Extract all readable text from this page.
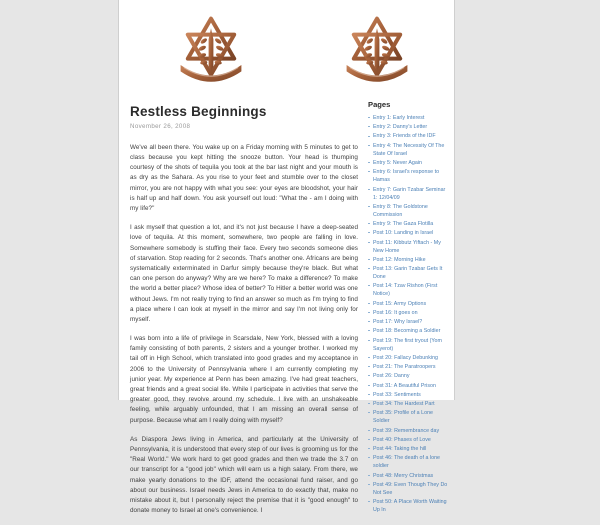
Restless Beginnings
November 26, 2008

We've all been there. You wake up on a Friday morning with 5 minutes to get to class because you kept hitting the snooze button. Your head is thumping courtesy of the shots of tequila you took at the bar last night and your mouth is as dry as the Sahara. As you rise to your feet and stumble over to the closet mirror, you are not happy with what you see: your eyes are bloodshot, your hair is half up and half down. You ask yourself out loud: "What the - am I doing with my life?"

I ask myself that question a lot, and it's not just because I have a deep-seated love of tequila. At this moment, somewhere, two people are falling in love. Somewhere somebody is stuffing their face. Every two seconds someone dies of starvation. Stop reading for 2 seconds. That's another one. Africans are being systematically exterminated in Darfur simply because they're black. But what can one person do anyway? Why are we here? To make a difference? To make the world a better place? Whose idea of better? To Hitler a better world was one without Jews. I'm not really trying to find an answer so much as I'm trying to find a place where I can look at myself in the mirror and say I'm not living only for myself.

I was born into a life of privilege in Scarsdale, New York, blessed with a loving family consisting of both parents, 2 sisters and a younger brother. I worked my tail off in High School, which translated into good grades and my acceptance in 2006 to the University of Pennsylvania where I am currently completing my junior year. My experience at Penn has been amazing. I've had great teachers, great friends and a great social life. While I participate in activities that serve the greater good, they revolve around my schedule. I live with an unshakeable feeling, while arguably unfounded, that I am missing an overall sense of purpose. Because what am I really doing with myself?

As Diaspora Jews living in America, and particularly at the University of Pennsylvania, it is understood that every step of our lives is grooming us for the "Real World." We work hard to get good grades and then we trade the 3.7 on our transcript for a "good job" which will earn us a high salary. From there, we make yearly donations to the IDF, attend the occasional fund raiser, and go about our business. Israel needs Jews in America to do exactly that, make no mistake about it, but I personally reject the premise that it is "good enough" to donate money to Israel at one's convenience. I

Pages
Entry 1: Early Interest
Entry 2: Danny's Letter
Entry 3: Friends of the IDF
Entry 4: The Necessity Of The State Of Israel
Entry 5: Never Again
Entry 6: Israel's response to Hamas
Entry 7: Garin Tzabar Seminar 1: 12/04/09
Entry 8: The Goldstone Commission
Entry 9: The Gaza Flotilla
Post 10: Landing in Israel
Post 11: Kibbutz Yiftach - My New Home
Post 12: Morning Hike
Post 13: Garin Tzabar Gets It Done
Post 14: Tzav Rishon (First Notice)
Post 15: Army Options
Post 16: It goes on
Post 17: Why Israel?
Post 18: Becoming a Soldier
Post 19: The first tryout (Yom Sayerot)
Post 20: Fallacy Debunking
Post 21: The Paratroopers
Post 26: Danny
Post 31: A Beautiful Prison
Post 33: Sentiments
Post 34: The Hardest Part
Post 35: Profile of a Lone Soldier
Post 39: Remembrance day
Post 40: Phases of Love
Post 44: Taking the hill
Post 46: The death of a lone soldier
Post 48: Merry Christmas
Post 49: Even Though They Do Not See
Post 50: A Place Worth Waiting Up In
